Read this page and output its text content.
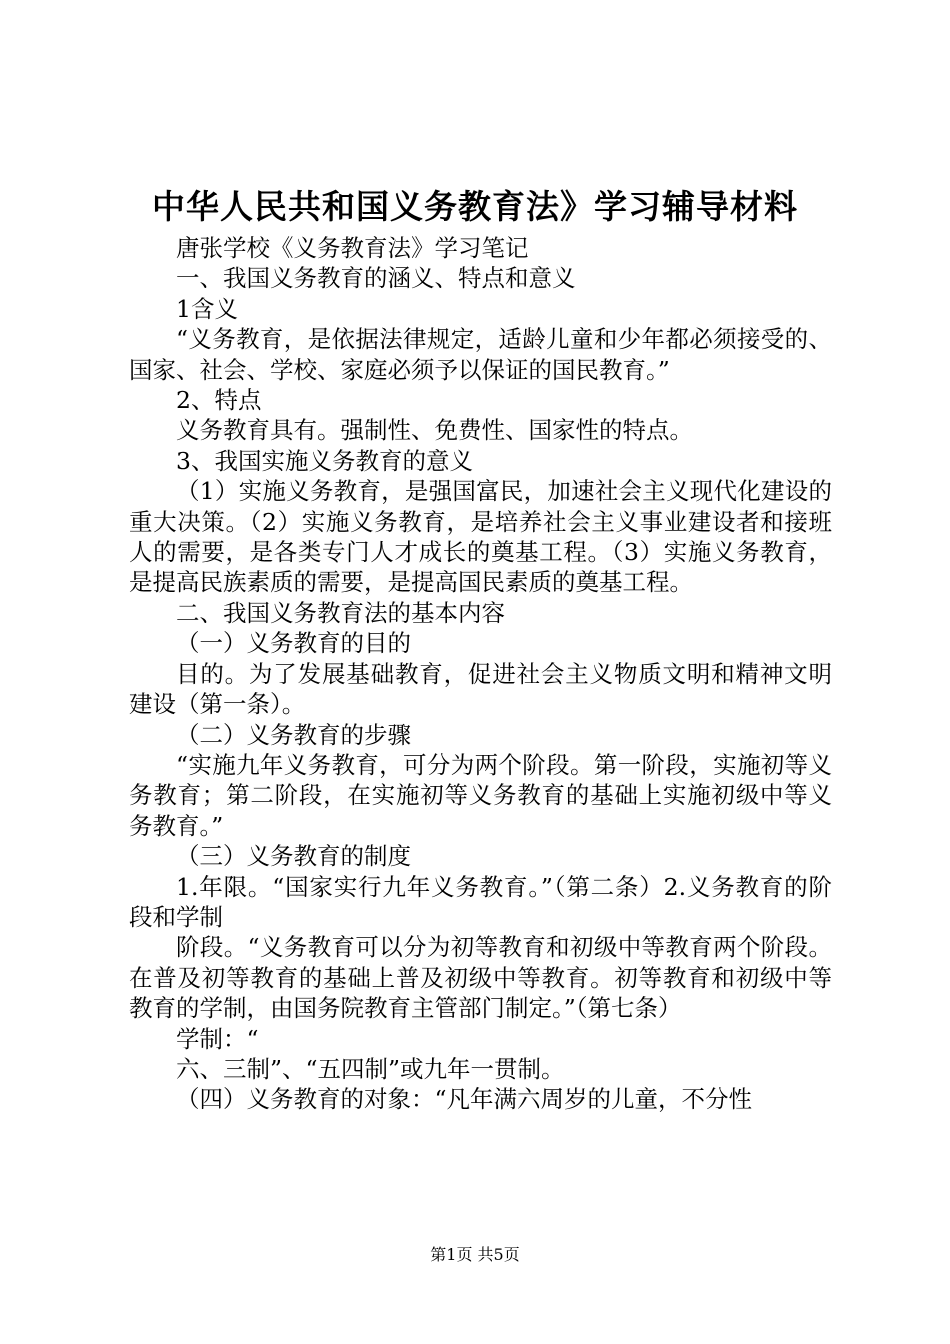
中华人民共和国义务教育法》学习辅导材料

唐张学校《义务教育法》学习笔记

一、我国义务教育的涵义、特点和意义

1含义

“义务教育，是依据法律规定，适龄儿童和少年都必须接受的、国家、社会、学校、家庭必须予以保证的国民教育。”

2、特点

义务教育具有。强制性、免费性、国家性的特点。

3、我国实施义务教育的意义

（1）实施义务教育，是强国富民，加速社会主义现代化建设的重大决策。（2）实施义务教育，是培养社会主义事业建设者和接班人的需要，是各类专门人才成长的奠基工程。（3）实施义务教育，是提高民族素质的需要，是提高国民素质的奠基工程。

二、我国义务教育法的基本内容

（一）义务教育的目的

目的。为了发展基础教育，促进社会主义物质文明和精神文明建设（第一条）。

（二）义务教育的步骤

“实施九年义务教育，可分为两个阶段。第一阶段，实施初等义务教育；第二阶段，在实施初等义务教育的基础上实施初级中等义务教育。”

（三）义务教育的制度

1.年限。“国家实行九年义务教育。”（第二条）2.义务教育的阶段和学制

阶段。“义务教育可以分为初等教育和初级中等教育两个阶段。在普及初等教育的基础上普及初级中等教育。初等教育和初级中等教育的学制，由国务院教育主管部门制定。”（第七条）

学制：“

六、三制”、“五四制”或九年一贯制。

（四）义务教育的对象：“凡年满六周岁的儿童，不分性

第1页 共5页
